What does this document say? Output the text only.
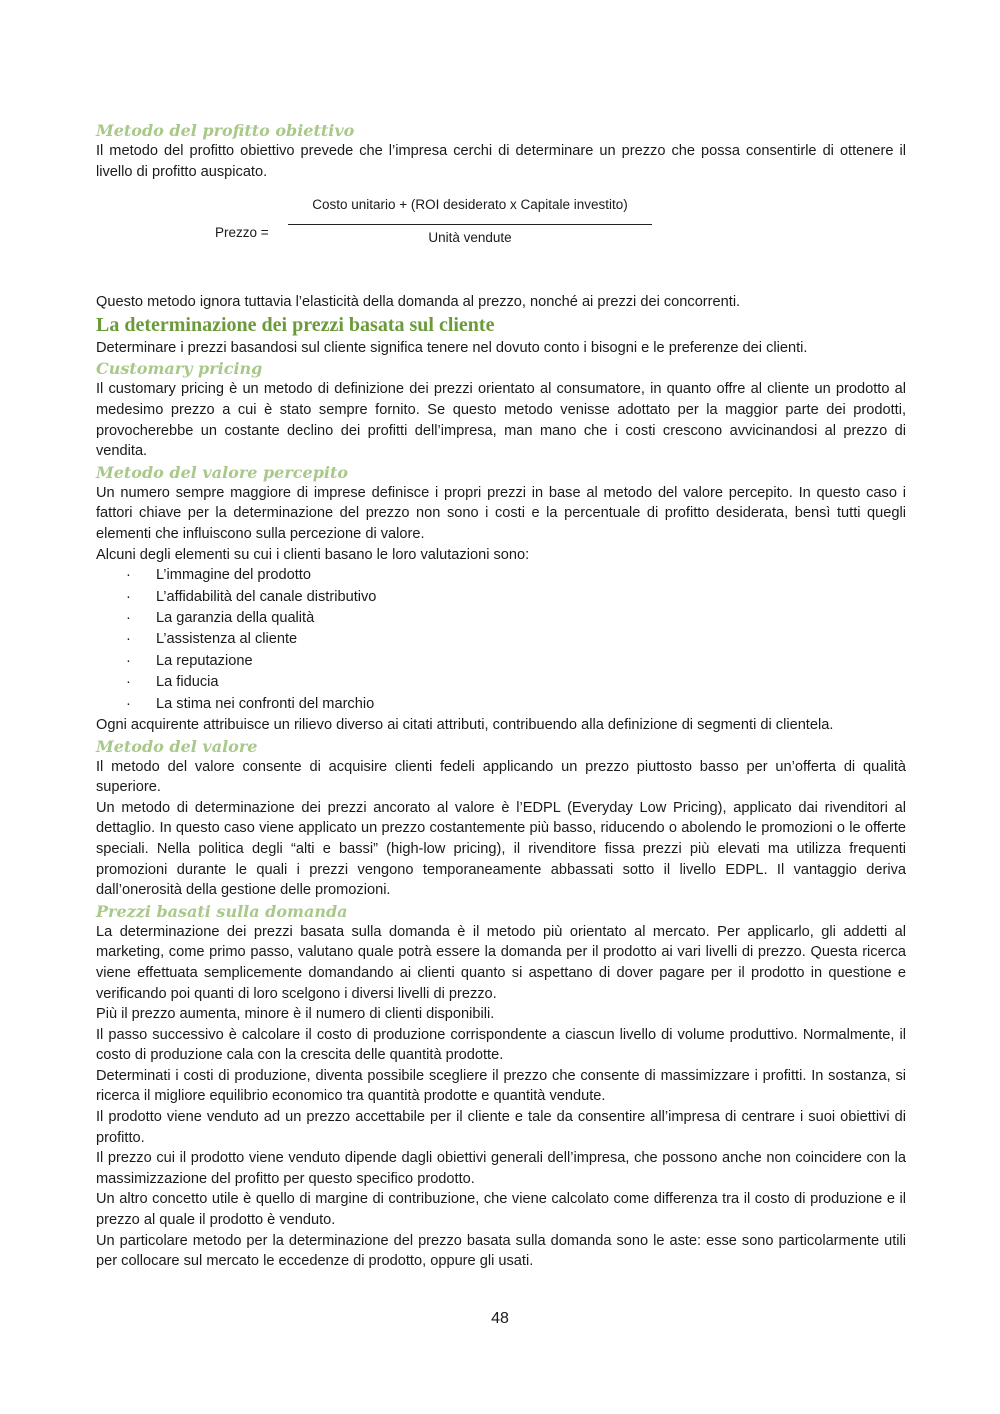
Metodo del profitto obiettivo

Il metodo del profitto obiettivo prevede che l’impresa cerchi di determinare un prezzo che possa consentirle di ottenere il livello di profitto auspicato.

Prezzo =
Costo unitario + (ROI desiderato x Capitale investito)
Unità vendute

Questo metodo ignora tuttavia l’elasticità della domanda al prezzo, nonché ai prezzi dei concorrenti.

La determinazione dei prezzi basata sul cliente

Determinare i prezzi basandosi sul cliente significa tenere nel dovuto conto i bisogni e le preferenze dei clienti.

Customary pricing

Il customary pricing è un metodo di definizione dei prezzi orientato al consumatore, in quanto offre al cliente un prodotto al medesimo prezzo a cui è stato sempre fornito. Se questo metodo venisse adottato per la maggior parte dei prodotti, provocherebbe un costante declino dei profitti dell’impresa, man mano che i costi crescono avvicinandosi al prezzo di vendita.

Metodo del valore percepito

Un numero sempre maggiore di imprese definisce i propri prezzi in base al metodo del valore percepito. In questo caso i fattori chiave per la determinazione del prezzo non sono i costi e la percentuale di profitto desiderata, bensì tutti quegli elementi che influiscono sulla percezione di valore.

Alcuni degli elementi su cui i clienti basano le loro valutazioni sono:

· L’immagine del prodotto
· L’affidabilità del canale distributivo
· La garanzia della qualità
· L’assistenza al cliente
· La reputazione
· La fiducia
· La stima nei confronti del marchio

Ogni acquirente attribuisce un rilievo diverso ai citati attributi, contribuendo alla definizione di segmenti di clientela.

Metodo del valore

Il metodo del valore consente di acquisire clienti fedeli applicando un prezzo piuttosto basso per un’offerta di qualità superiore.

Un metodo di determinazione dei prezzi ancorato al valore è l’EDPL (Everyday Low Pricing), applicato dai rivenditori al dettaglio. In questo caso viene applicato un prezzo costantemente più basso, riducendo o abolendo le promozioni o le offerte speciali. Nella politica degli “alti e bassi” (high-low pricing), il rivenditore fissa prezzi più elevati ma utilizza frequenti promozioni durante le quali i prezzi vengono temporaneamente abbassati sotto il livello EDPL. Il vantaggio deriva dall’onerosità della gestione delle promozioni.

Prezzi basati sulla domanda

La determinazione dei prezzi basata sulla domanda è il metodo più orientato al mercato. Per applicarlo, gli addetti al marketing, come primo passo, valutano quale potrà essere la domanda per il prodotto ai vari livelli di prezzo. Questa ricerca viene effettuata semplicemente domandando ai clienti quanto si aspettano di dover pagare per il prodotto in questione e verificando poi quanti di loro scelgono i diversi livelli di prezzo.

Più il prezzo aumenta, minore è il numero di clienti disponibili.

Il passo successivo è calcolare il costo di produzione corrispondente a ciascun livello di volume produttivo. Normalmente, il costo di produzione cala con la crescita delle quantità prodotte.

Determinati i costi di produzione, diventa possibile scegliere il prezzo che consente di massimizzare i profitti. In sostanza, si ricerca il migliore equilibrio economico tra quantità prodotte e quantità vendute.

Il prodotto viene venduto ad un prezzo accettabile per il cliente e tale da consentire all’impresa di centrare i suoi obiettivi di profitto.

Il prezzo cui il prodotto viene venduto dipende dagli obiettivi generali dell’impresa, che possono anche non coincidere con la massimizzazione del profitto per questo specifico prodotto.

Un altro concetto utile è quello di margine di contribuzione, che viene calcolato come differenza tra il costo di produzione e il prezzo al quale il prodotto è venduto.

Un particolare metodo per la determinazione del prezzo basata sulla domanda sono le aste: esse sono particolarmente utili per collocare sul mercato le eccedenze di prodotto, oppure gli usati.

48
